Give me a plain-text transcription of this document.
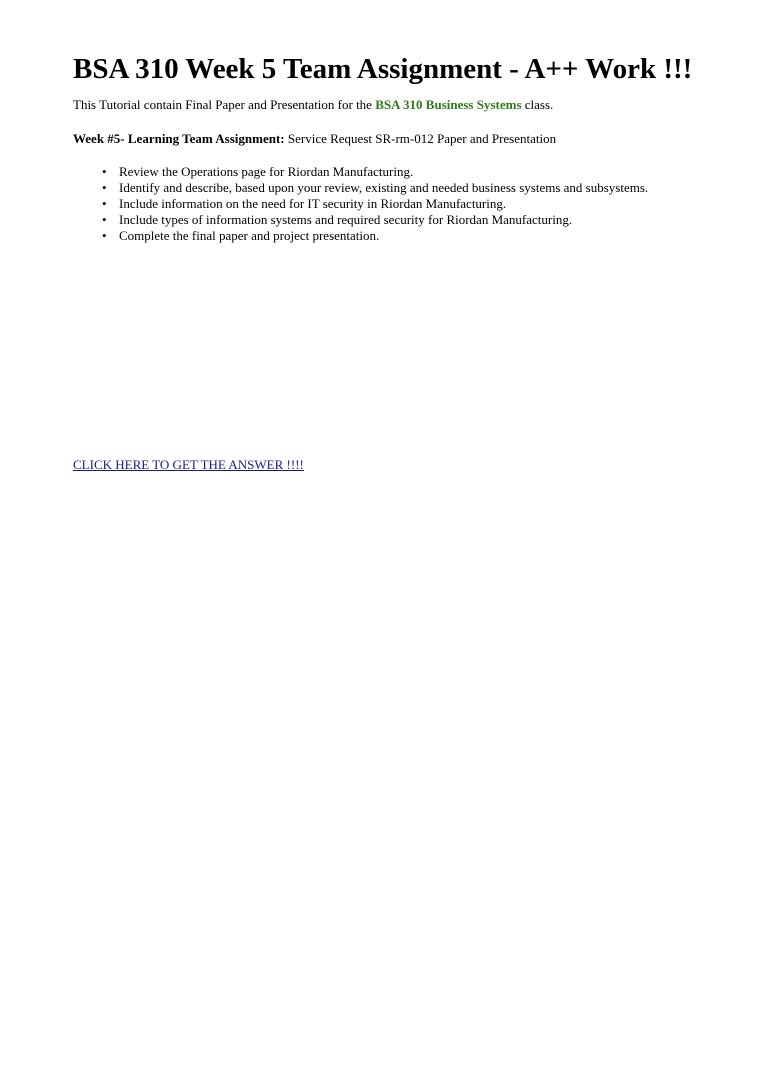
BSA 310 Week 5 Team Assignment - A++ Work !!!

This Tutorial contain Final Paper and Presentation for the BSA 310 Business Systems class.

Week #5- Learning Team Assignment: Service Request SR-rm-012 Paper and Presentation

• Review the Operations page for Riordan Manufacturing.
• Identify and describe, based upon your review, existing and needed business systems and subsystems.
• Include information on the need for IT security in Riordan Manufacturing.
• Include types of information systems and required security for Riordan Manufacturing.
• Complete the final paper and project presentation.
CLICK HERE TO GET THE ANSWER !!!!
